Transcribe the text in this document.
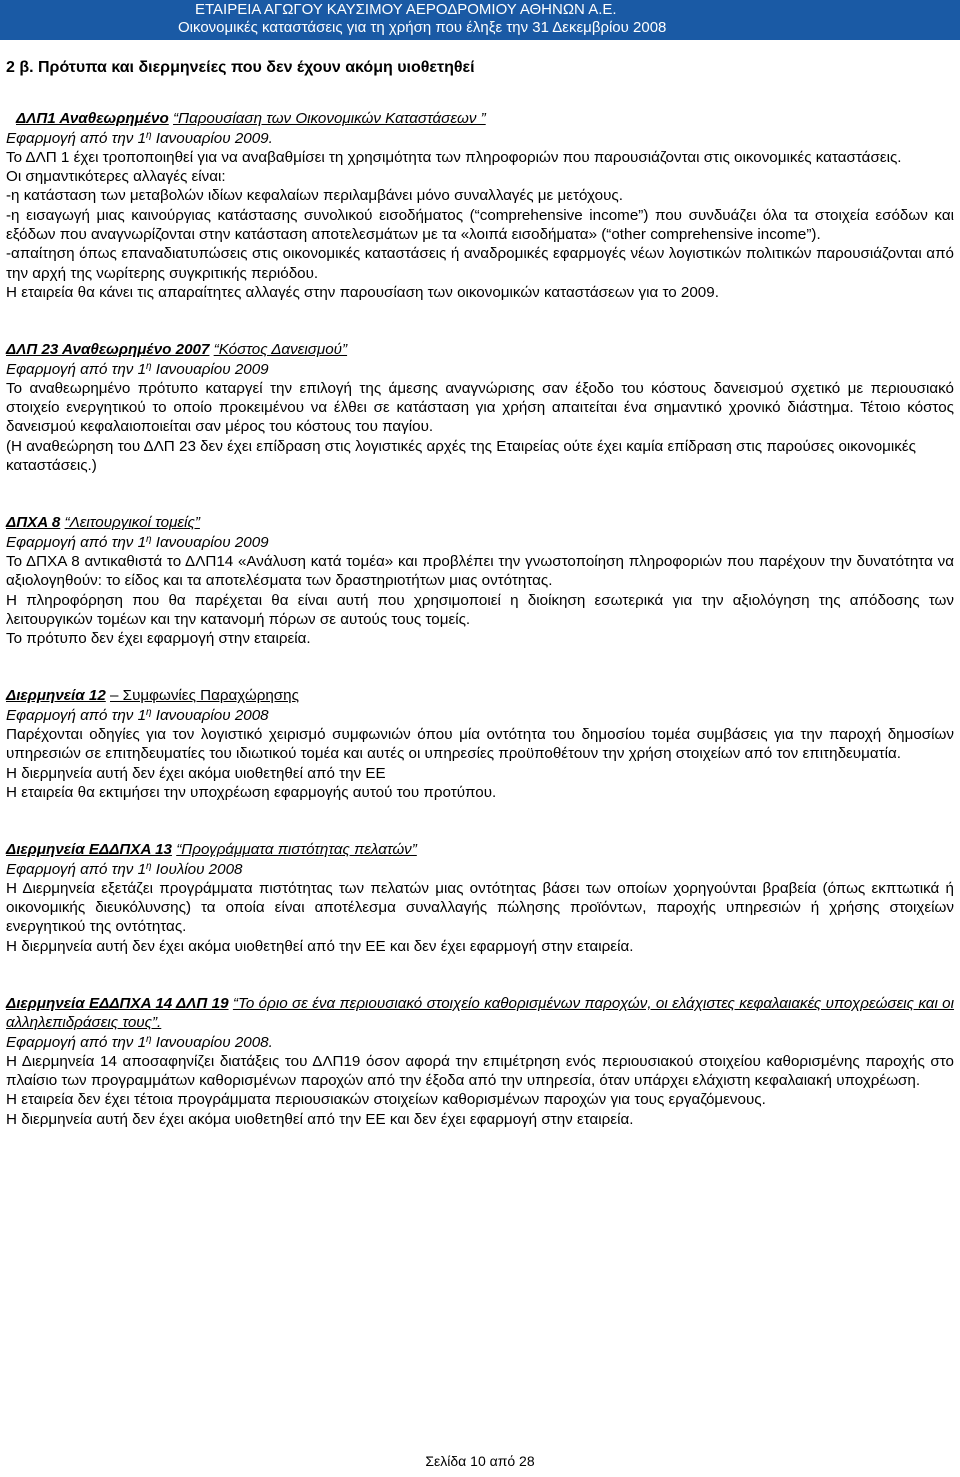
ΕΤΑΙΡΕΙΑ ΑΓΩΓΟΥ ΚΑΥΣΙΜΟΥ ΑΕΡΟΔΡΟΜΙΟΥ ΑΘΗΝΩΝ Α.Ε.
Οικονομικές καταστάσεις για τη χρήση που έληξε την 31 Δεκεμβρίου 2008
2 β. Πρότυπα και διερμηνείες που δεν έχουν ακόμη υιοθετηθεί
ΔΛΠ1 Αναθεωρημένο “Παρουσίαση των Οικονομικών Καταστάσεων ”
Εφαρμογή από την $1^\eta$ Ιανουαρίου 2009.
Το ΔΛΠ 1 έχει τροποποιηθεί για να αναβαθμίσει τη χρησιμότητα των πληροφοριών που παρουσιάζονται στις οικονομικές καταστάσεις.
Οι σημαντικότερες αλλαγές είναι:
-η κατάσταση των μεταβολών ιδίων κεφαλαίων περιλαμβάνει μόνο συναλλαγές με μετόχους.
-η εισαγωγή μιας καινούργιας κατάστασης συνολικού εισοδήματος (“comprehensive income”) που συνδυάζει όλα τα στοιχεία εσόδων και εξόδων που αναγνωρίζονται στην κατάσταση αποτελεσμάτων με τα «λοιπά εισοδήματα» (“other comprehensive income”).
-απαίτηση όπως επαναδιατυπώσεις στις οικονομικές καταστάσεις ή αναδρομικές εφαρμογές νέων λογιστικών πολιτικών παρουσιάζονται από την αρχή της νωρίτερης συγκριτικής περιόδου.
Η εταιρεία θα κάνει τις απαραίτητες αλλαγές στην παρουσίαση των οικονομικών καταστάσεων για το 2009.
ΔΛΠ 23 Αναθεωρημένο 2007 “Κόστος Δανεισμού”
Εφαρμογή από την $1^\eta$ Ιανουαρίου 2009
Το αναθεωρημένο πρότυπο καταργεί την επιλογή της άμεσης αναγνώρισης σαν έξοδο του κόστους δανεισμού σχετικό με περιουσιακό στοιχείο ενεργητικού το οποίο προκειμένου να έλθει σε κατάσταση για χρήση απαιτείται ένα σημαντικό χρονικό διάστημα. Τέτοιο κόστος δανεισμού κεφαλαιοποιείται σαν μέρος του κόστους του παγίου.
(Η αναθεώρηση του ΔΛΠ 23 δεν έχει επίδραση στις λογιστικές αρχές της Εταιρείας ούτε έχει καμία επίδραση στις παρούσες οικονομικές καταστάσεις.)
ΔΠΧΑ 8 “Λειτουργικοί τομείς”
Εφαρμογή από την $1^\eta$ Ιανουαρίου 2009
Το ΔΠΧΑ 8 αντικαθιστά το ΔΛΠ14 «Ανάλυση κατά τομέα» και προβλέπει την γνωστοποίηση πληροφοριών που παρέχουν την δυνατότητα να αξιολογηθούν: το είδος και τα αποτελέσματα των δραστηριοτήτων μιας οντότητας.
Η πληροφόρηση που θα παρέχεται θα είναι αυτή που χρησιμοποιεί η διοίκηση εσωτερικά για την αξιολόγηση της απόδοσης των λειτουργικών τομέων και την κατανομή πόρων σε αυτούς τους τομείς.
Το πρότυπο δεν έχει εφαρμογή στην εταιρεία.
Διερμηνεία 12 – Συμφωνίες Παραχώρησης
Εφαρμογή από την $1^\eta$ Ιανουαρίου 2008
Παρέχονται οδηγίες για τον λογιστικό χειρισμό συμφωνιών όπου μία οντότητα του δημοσίου τομέα συμβάσεις για την παροχή δημοσίων υπηρεσιών σε επιτηδευματίες του ιδιωτικού τομέα και αυτές οι υπηρεσίες προϋποθέτουν την χρήση στοιχείων από τον επιτηδευματία.
Η διερμηνεία αυτή δεν έχει ακόμα υιοθετηθεί από την ΕΕ
Η εταιρεία θα εκτιμήσει την υποχρέωση εφαρμογής αυτού του προτύπου.
Διερμηνεία ΕΔΔΠΧΑ 13 “Προγράμματα πιστότητας πελατών”
Εφαρμογή από την $1^\eta$ Ιουλίου 2008
Η Διερμηνεία εξετάζει προγράμματα πιστότητας των πελατών μιας οντότητας βάσει των οποίων χορηγούνται βραβεία (όπως εκπτωτικά ή οικονομικής διευκόλυνσης) τα οποία είναι αποτέλεσμα συναλλαγής πώλησης προϊόντων, παροχής υπηρεσιών ή χρήσης στοιχείων ενεργητικού της οντότητας.
Η διερμηνεία αυτή δεν έχει ακόμα υιοθετηθεί από την ΕΕ και δεν έχει εφαρμογή στην εταιρεία.
Διερμηνεία ΕΔΔΠΧΑ 14 ΔΛΠ 19 “Το όριο σε ένα περιουσιακό στοιχείο καθορισμένων παροχών, οι ελάχιστες κεφαλαιακές υποχρεώσεις και οι αλληλεπιδράσεις τους”.
Εφαρμογή από την $1^\eta$ Ιανουαρίου 2008.
Η Διερμηνεία 14 αποσαφηνίζει διατάξεις του ΔΛΠ19 όσον αφορά την επιμέτρηση ενός περιουσιακού στοιχείου καθορισμένης παροχής στο πλαίσιο των προγραμμάτων καθορισμένων παροχών από την έξοδα από την υπηρεσία, όταν υπάρχει ελάχιστη κεφαλαιακή υποχρέωση.
Η εταιρεία δεν έχει τέτοια προγράμματα περιουσιακών στοιχείων καθορισμένων παροχών για τους εργαζόμενους.
Η διερμηνεία αυτή δεν έχει ακόμα υιοθετηθεί από την ΕΕ και δεν έχει εφαρμογή στην εταιρεία.
Σελίδα 10 από 28
